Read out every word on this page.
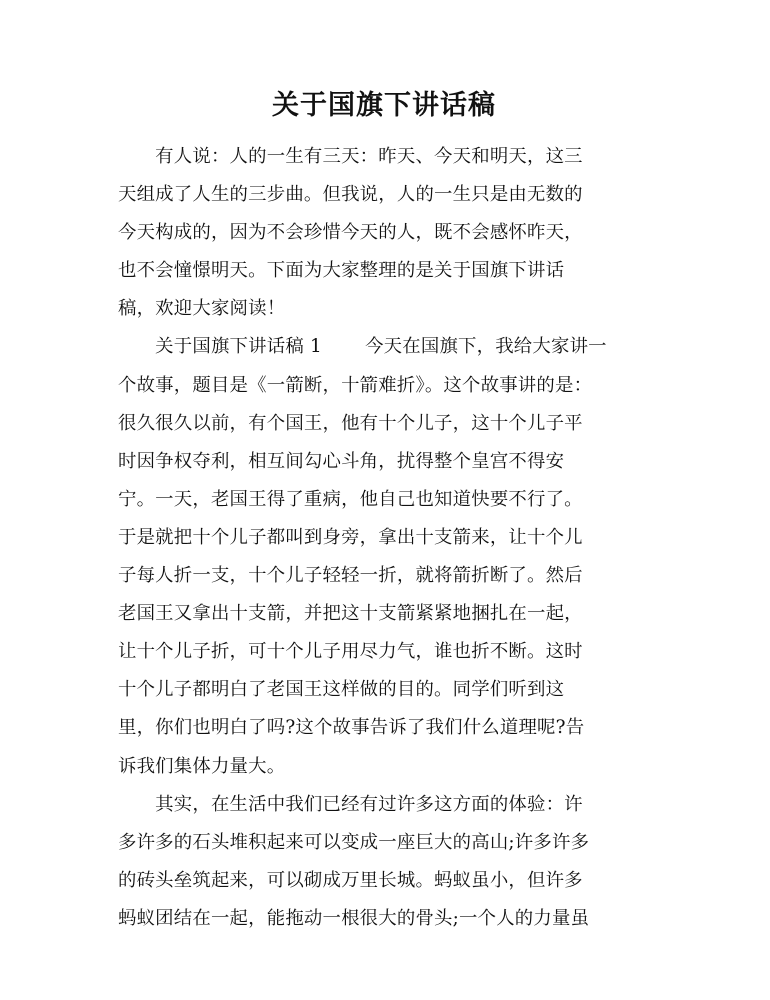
关于国旗下讲话稿
　　有人说：人的一生有三天：昨天、今天和明天，这三
天组成了人生的三步曲。但我说，人的一生只是由无数的
今天构成的，因为不会珍惜今天的人，既不会感怀昨天，
也不会憧憬明天。下面为大家整理的是关于国旗下讲话
稿，欢迎大家阅读！
　　关于国旗下讲话稿 1 　　今天在国旗下，我给大家讲一
个故事，题目是《一箭断，十箭难折》。这个故事讲的是：
很久很久以前，有个国王，他有十个儿子，这十个儿子平
时因争权夺利，相互间勾心斗角，扰得整个皇宫不得安
宁。一天，老国王得了重病，他自己也知道快要不行了。
于是就把十个儿子都叫到身旁，拿出十支箭来，让十个儿
子每人折一支，十个儿子轻轻一折，就将箭折断了。然后
老国王又拿出十支箭，并把这十支箭紧紧地捆扎在一起，
让十个儿子折，可十个儿子用尽力气，谁也折不断。这时
十个儿子都明白了老国王这样做的目的。同学们听到这
里，你们也明白了吗?这个故事告诉了我们什么道理呢?告
诉我们集体力量大。
　　其实，在生活中我们已经有过许多这方面的体验：许
多许多的石头堆积起来可以变成一座巨大的高山;许多许多
的砖头垒筑起来，可以砌成万里长城。蚂蚁虽小，但许多
蚂蚁团结在一起，能拖动一根很大的骨头;一个人的力量虽
